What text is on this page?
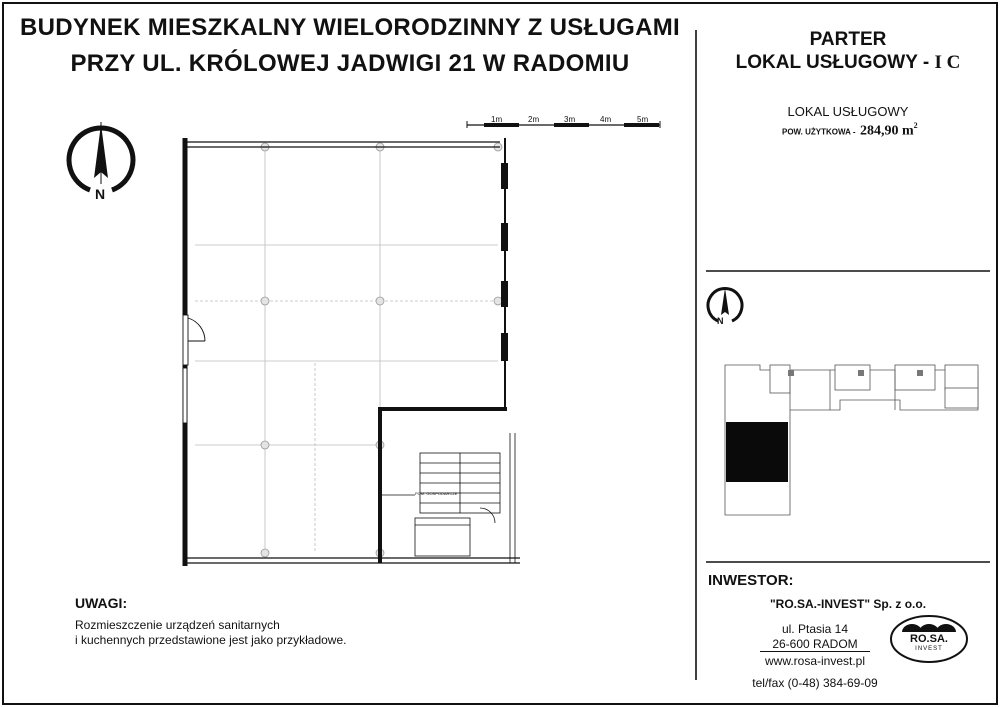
BUDYNEK MIESZKALNY WIELORODZINNY Z USŁUGAMI
PRZY UL. KRÓLOWEJ JADWIGI 21 W RADOMIU
PARTER
LOKAL USŁUGOWY - I C
LOKAL USŁUGOWY
POW. UŻYTKOWA - 284,90 $m^2$
1m	2m	3m	4m	5m
N
N
POM. GOSPODARCZE
UWAGI:
Rozmieszczenie urządzeń sanitarnych
i kuchennych przedstawione jest jako przykładowe.
INWESTOR:
"RO.SA.-INVEST" Sp. z o.o.
ul. Ptasia 14
26-600 RADOM
www.rosa-invest.pl
tel/fax (0-48) 384-69-09
RO.SA.
INVEST
